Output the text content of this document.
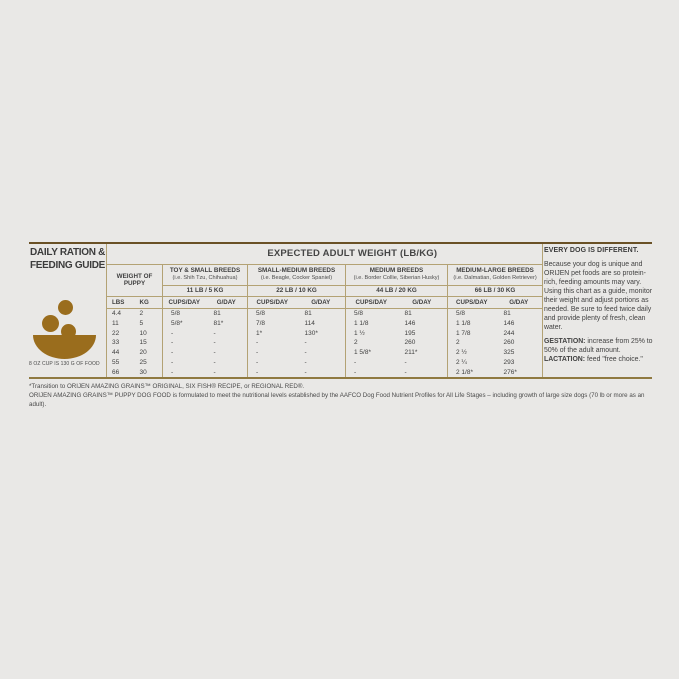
DAILY RATION &
FEEDING GUIDE
8 OZ CUP IS 130 G OF FOOD
		EXPECTED ADULT WEIGHT (LB/KG)							
WEIGHT OF PUPPY	
TOY & SMALL BREEDS
(i.e. Shih Tzu, Chihuahua)

SMALL-MEDIUM BREEDS
(i.e. Beagle, Cocker Spaniel)

MEDIUM BREEDS
(i.e. Border Collie, Siberian Husky)

MEDIUM-LARGE BREEDS
(i.e. Dalmatian, Golden Retriever)

		11 LB / 5 KG		22 LB / 10 KG		44 LB / 20 KG		66 LB / 30 KG	
LBS	KG	CUPS/DAY	G/DAY	CUPS/DAY	G/DAY	CUPS/DAY	G/DAY	CUPS/DAY	G/DAY
4.4	2	5/8	81	5/8	81	5/8	81	5/8	81
11	5	5/8*	81*	7/8	114	1 1/8	146	1 1/8	146
22	10	-	-	1*	130*	1 ½	195	1 7/8	244
33	15	-	-	-	-	2	260	2	260
44	20	-	-	-	-	1 5/8*	211*	2 ½	325
55	25	-	-	-	-	-	-	2 ¼	293
66	30	-	-	-	-	-	-	2 1/8*	276*
EVERY DOG IS DIFFERENT.
Because your dog is unique and ORIJEN pet foods are so protein-rich, feeding amounts may vary. Using this chart as a guide, monitor their weight and adjust portions as needed. Be sure to feed twice daily and provide plenty of fresh, clean water.
GESTATION: increase from 25% to 50% of the adult amount. LACTATION: feed "free choice."
*Transition to ORIJEN AMAZING GRAINS™ ORIGINAL, SIX FISH® RECIPE, or REGIONAL RED®.
ORIJEN AMAZING GRAINS™ PUPPY DOG FOOD is formulated to meet the nutritional levels established by the AAFCO Dog Food Nutrient Profiles for All Life Stages – including growth of large size dogs (70 lb or more as an adult).
